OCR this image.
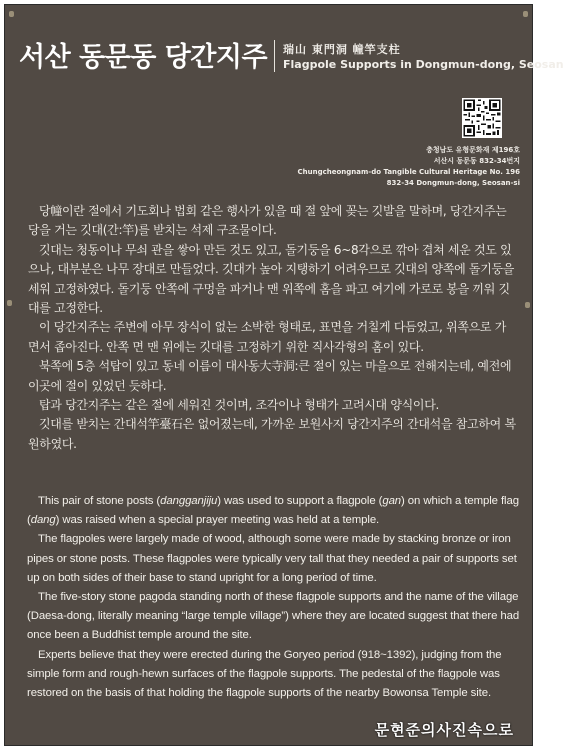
서산 동문동 당간지주 瑞山 東門洞 幢竿支柱
Flagpole Supports in Dongmun-dong, Seosan
충청남도 유형문화재 제196호
서산시 동문동 832-34번지
Chungcheongnam-do Tangible Cultural Heritage No. 196
832-34 Dongmun-dong, Seosan-si

당幢이란 절에서 기도회나 법회 같은 행사가 있을 때 절 앞에 꽂는 깃발을 말하며, 당간지주는 당을 거는 깃대(간:竿)를 받치는 석제 구조물이다.

깃대는 청동이나 무쇠 관을 쌓아 만든 것도 있고, 돌기둥을 6~8각으로 깎아 겹쳐 세운 것도 있으나, 대부분은 나무 장대로 만들었다. 깃대가 높아 지탱하기 어려우므로 깃대의 양쪽에 돌기둥을 세워 고정하였다. 돌기둥 안쪽에 구멍을 파거나 맨 위쪽에 홈을 파고 여기에 가로로 봉을 끼워 깃대를 고정한다.

이 당간지주는 주변에 아무 장식이 없는 소박한 형태로, 표면을 거칠게 다듬었고, 위쪽으로 가면서 좁아진다. 안쪽 면 맨 위에는 깃대를 고정하기 위한 직사각형의 홈이 있다.

북쪽에 5층 석탑이 있고 동네 이름이 대사동大寺洞:큰 절이 있는 마을으로 전해지는데, 예전에 이곳에 절이 있었던 듯하다.

탑과 당간지주는 같은 절에 세워진 것이며, 조각이나 형태가 고려시대 양식이다.

깃대를 받치는 간대석竿臺石은 없어졌는데, 가까운 보원사지 당간지주의 간대석을 참고하여 복원하였다.

This pair of stone posts (dangganjiju) was used to support a flagpole (gan) on which a temple flag (dang) was raised when a special prayer meeting was held at a temple.

The flagpoles were largely made of wood, although some were made by stacking bronze or iron pipes or stone posts. These flagpoles were typically very tall that they needed a pair of supports set up on both sides of their base to stand upright for a long period of time.

The five-story stone pagoda standing north of these flagpole supports and the name of the village (Daesa-dong, literally meaning “large temple village”) where they are located suggest that there had once been a Buddhist temple around the site.

Experts believe that they were erected during the Goryeo period (918~1392), judging from the simple form and rough-hewn surfaces of the flagpole supports. The pedestal of the flagpole was restored on the basis of that holding the flagpole supports of the nearby Bowonsa Temple site.

문현준의사진속으로
